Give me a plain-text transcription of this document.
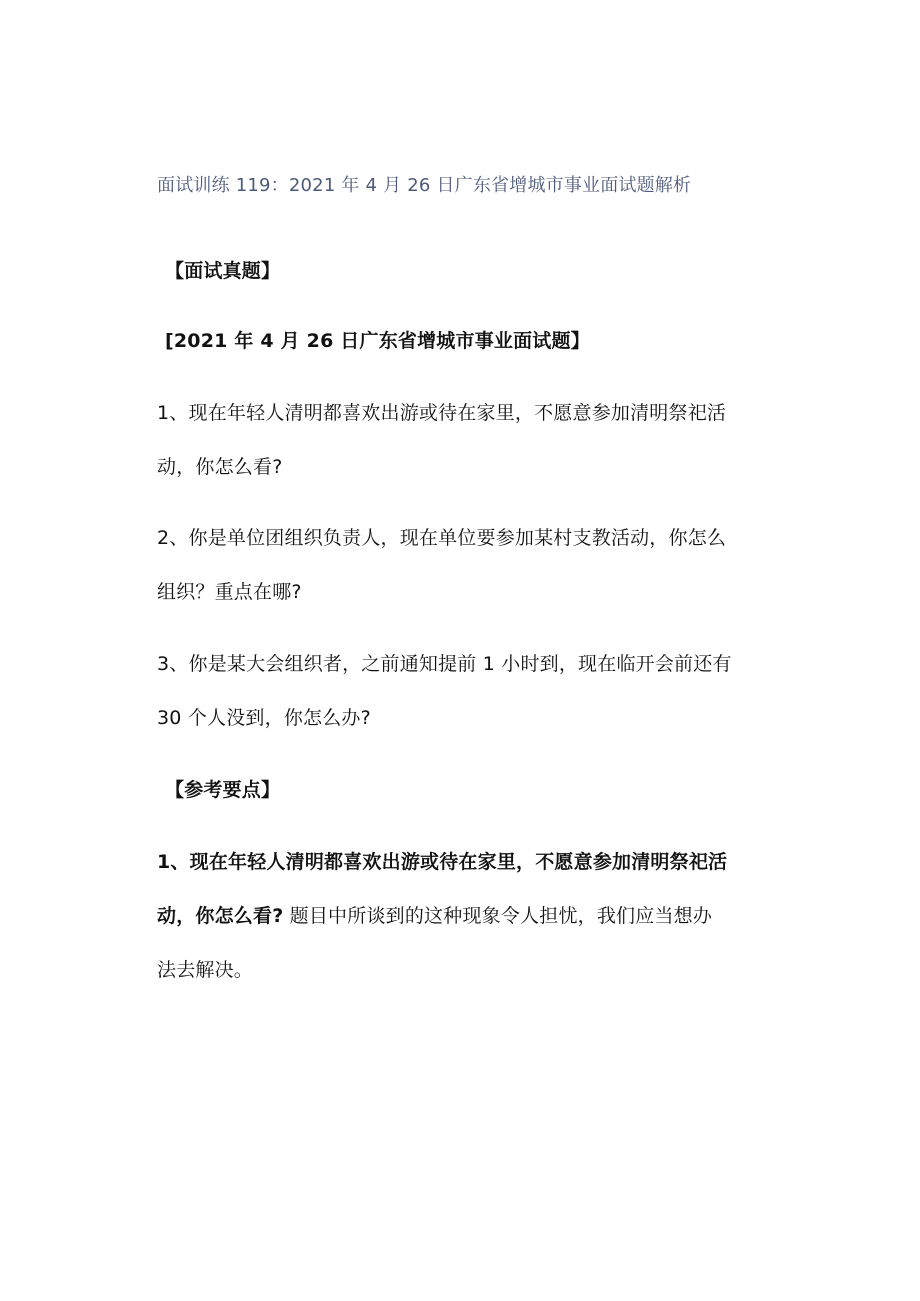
面试训练 119：2021 年 4 月 26 日广东省增城市事业面试题解析
【面试真题】
[2021 年 4 月 26 日广东省增城市事业面试题】
1、现在年轻人清明都喜欢出游或待在家里，不愿意参加清明祭祀活
动，你怎么看?
2、你是单位团组织负责人，现在单位要参加某村支教活动，你怎么
组织？重点在哪?
3、你是某大会组织者，之前通知提前 1 小时到，现在临开会前还有
30 个人没到，你怎么办?
【参考要点】
1、现在年轻人清明都喜欢出游或待在家里，不愿意参加清明祭祀活
动，你怎么看? 题目中所谈到的这种现象令人担忧，我们应当想办
法去解决。
